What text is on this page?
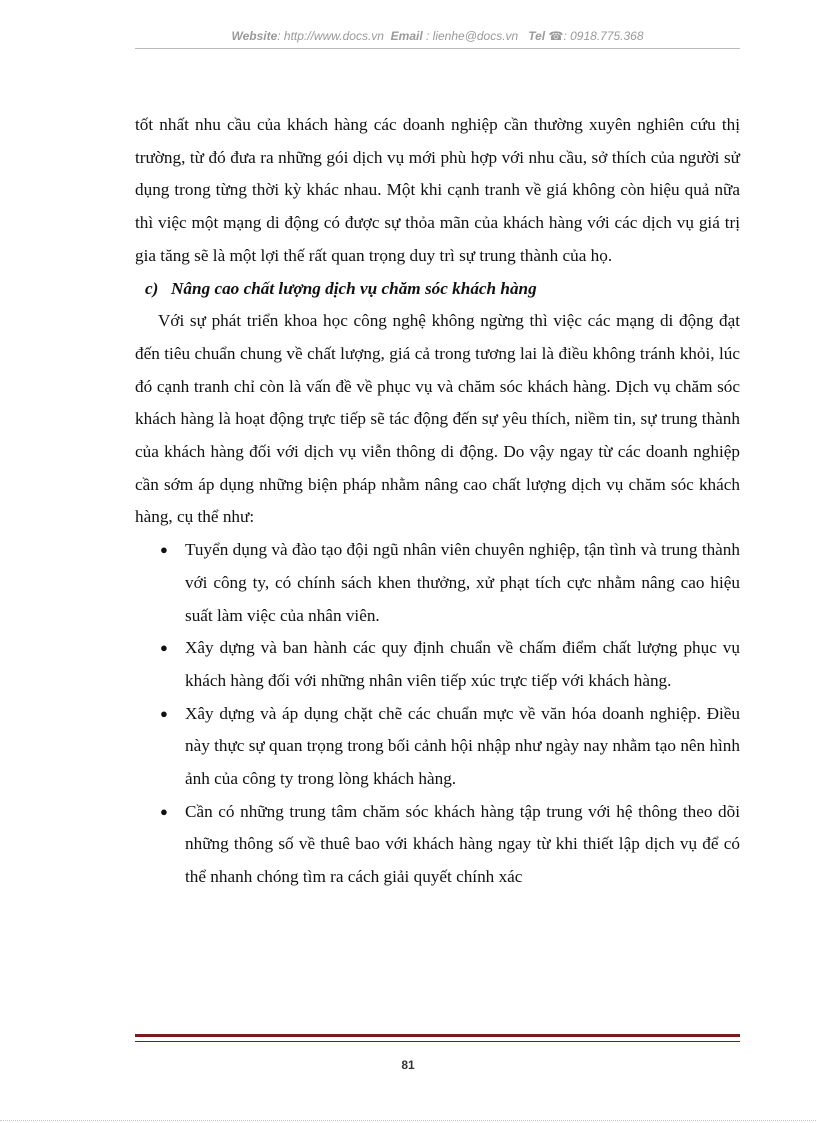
Website: http://www.docs.vn Email : lienhe@docs.vn Tel ☎: 0918.775.368

tốt nhất nhu cầu của khách hàng các doanh nghiệp cần thường xuyên nghiên cứu thị trường, từ đó đưa ra những gói dịch vụ mới phù hợp với nhu cầu, sở thích của người sử dụng trong từng thời kỳ khác nhau. Một khi cạnh tranh về giá không còn hiệu quả nữa thì việc một mạng di động có được sự thỏa mãn của khách hàng với các dịch vụ giá trị gia tăng sẽ là một lợi thế rất quan trọng duy trì sự trung thành của họ.

c) Nâng cao chất lượng dịch vụ chăm sóc khách hàng

Với sự phát triển khoa học công nghệ không ngừng thì việc các mạng di động đạt đến tiêu chuẩn chung về chất lượng, giá cả trong tương lai là điều không tránh khỏi, lúc đó cạnh tranh chỉ còn là vấn đề về phục vụ và chăm sóc khách hàng. Dịch vụ chăm sóc khách hàng là hoạt động trực tiếp sẽ tác động đến sự yêu thích, niềm tin, sự trung thành của khách hàng đối với dịch vụ viễn thông di động. Do vậy ngay từ các doanh nghiệp cần sớm áp dụng những biện pháp nhằm nâng cao chất lượng dịch vụ chăm sóc khách hàng, cụ thể như:

● Tuyển dụng và đào tạo đội ngũ nhân viên chuyên nghiệp, tận tình và trung thành với công ty, có chính sách khen thưởng, xử phạt tích cực nhằm nâng cao hiệu suất làm việc của nhân viên.
● Xây dựng và ban hành các quy định chuẩn về chấm điểm chất lượng phục vụ khách hàng đối với những nhân viên tiếp xúc trực tiếp với khách hàng.
● Xây dựng và áp dụng chặt chẽ các chuẩn mực về văn hóa doanh nghiệp. Điều này thực sự quan trọng trong bối cảnh hội nhập như ngày nay nhằm tạo nên hình ảnh của công ty trong lòng khách hàng.
● Cần có những trung tâm chăm sóc khách hàng tập trung với hệ thông theo dõi những thông số về thuê bao với khách hàng ngay từ khi thiết lập dịch vụ để có thể nhanh chóng tìm ra cách giải quyết chính xác
81
